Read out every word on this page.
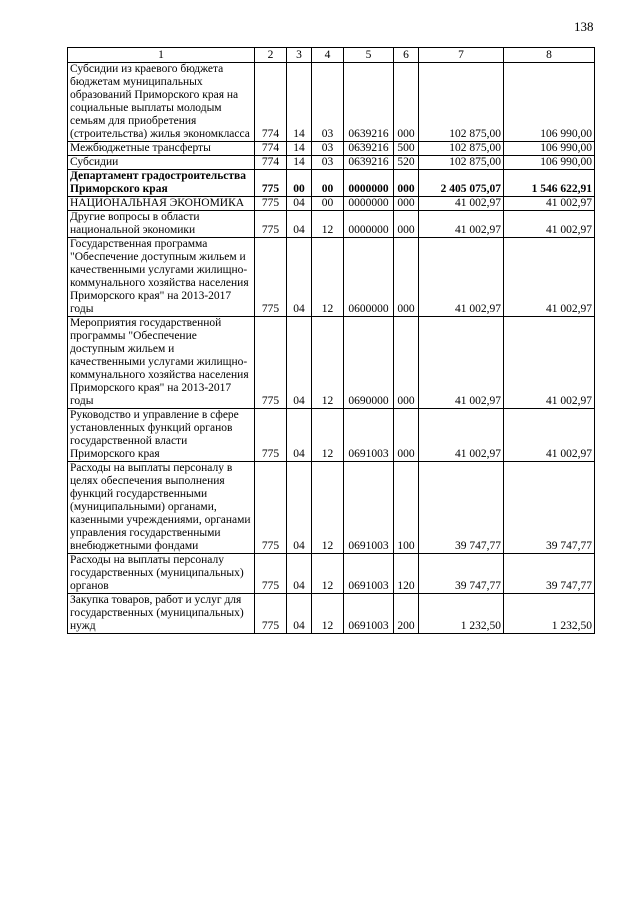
138
1	2	3	4	5	6	7	8
Субсидии из краевого бюджета бюджетам муниципальных образований Приморского края на социальные выплаты молодым семьям для приобретения (строительства) жилья экономкласса	774	14	03	0639216	000	102 875,00	106 990,00
Межбюджетные трансферты	774	14	03	0639216	500	102 875,00	106 990,00
Субсидии	774	14	03	0639216	520	102 875,00	106 990,00
Департамент градостроительства Приморского края	775	00	00	0000000	000	2 405 075,07	1 546 622,91
НАЦИОНАЛЬНАЯ ЭКОНОМИКА	775	04	00	0000000	000	41 002,97	41 002,97
Другие вопросы в области национальной экономики	775	04	12	0000000	000	41 002,97	41 002,97
Государственная программа "Обеспечение доступным жильем и качественными услугами жилищно-коммунального хозяйства населения Приморского края" на 2013-2017 годы	775	04	12	0600000	000	41 002,97	41 002,97
Мероприятия государственной программы "Обеспечение доступным жильем и качественными услугами жилищно-коммунального хозяйства населения Приморского края" на 2013-2017 годы	775	04	12	0690000	000	41 002,97	41 002,97
Руководство и управление в сфере установленных функций органов государственной власти Приморского края	775	04	12	0691003	000	41 002,97	41 002,97
Расходы на выплаты персоналу в целях обеспечения выполнения функций государственными (муниципальными) органами, казенными учреждениями, органами управления государственными внебюджетными фондами	775	04	12	0691003	100	39 747,77	39 747,77
Расходы на выплаты персоналу государственных (муниципальных) органов	775	04	12	0691003	120	39 747,77	39 747,77
Закупка товаров, работ и услуг для государственных (муниципальных) нужд	775	04	12	0691003	200	1 232,50	1 232,50
